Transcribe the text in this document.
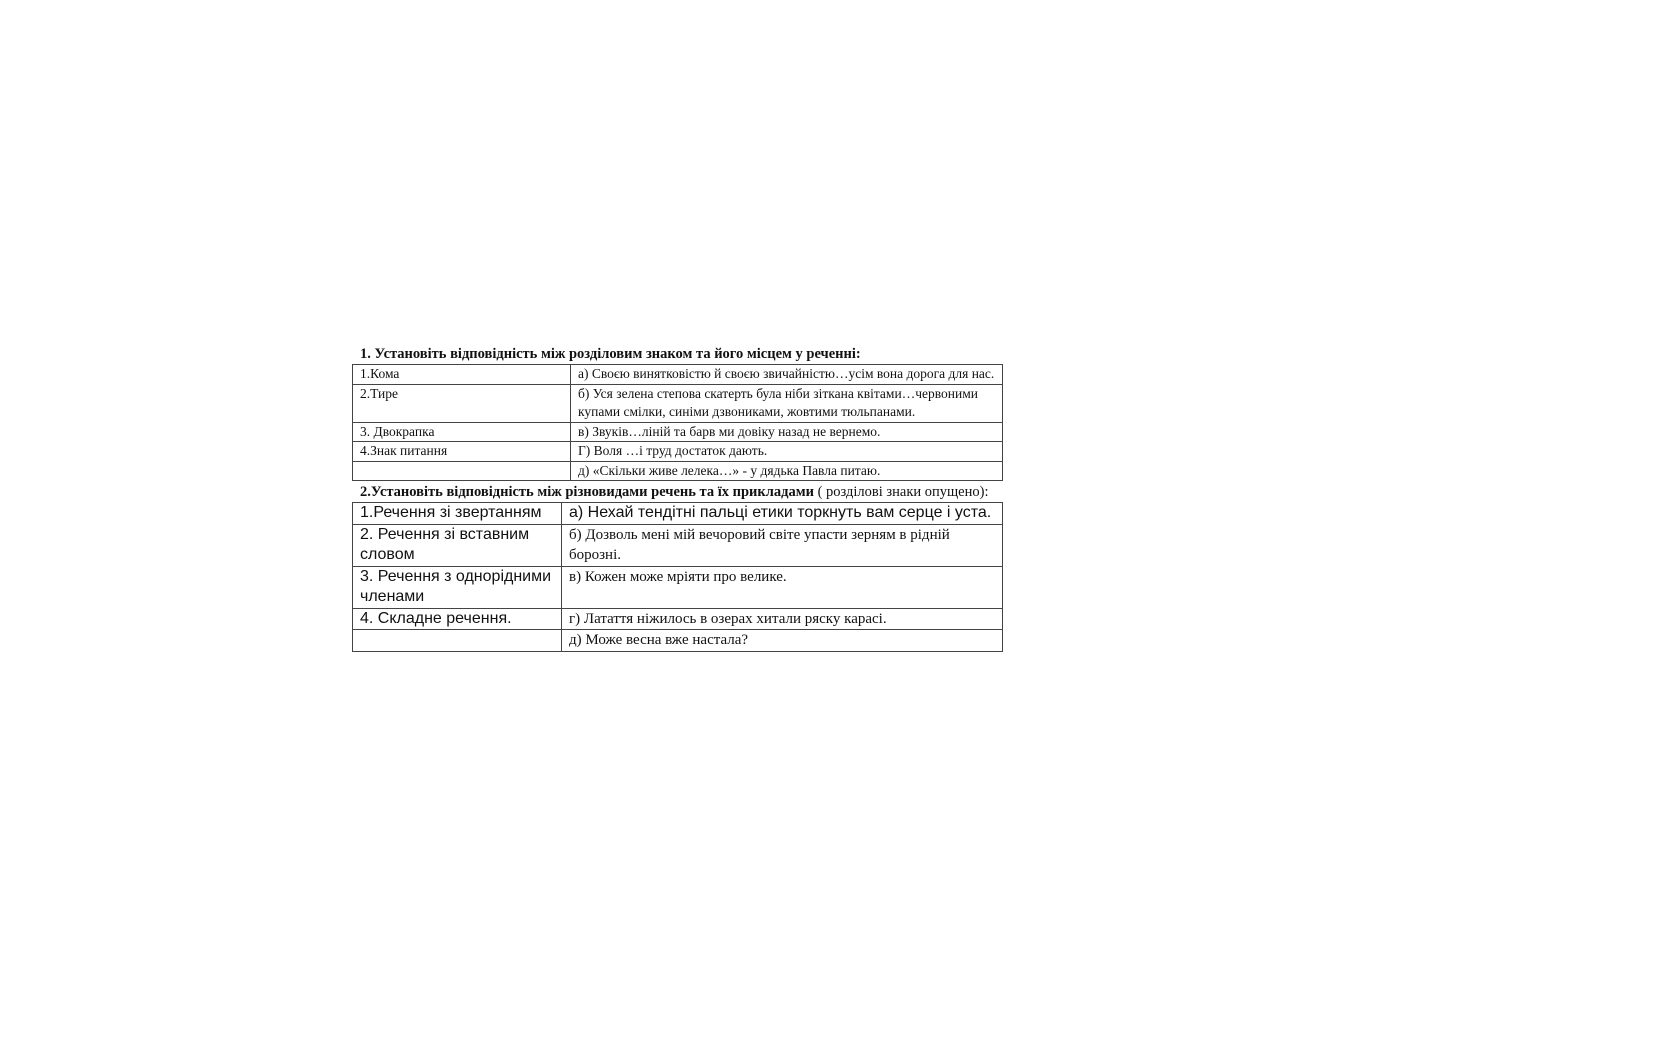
1. Установіть відповідність між розділовим знаком та його місцем у реченні:
1.Кома	а) Своєю винятковістю й своєю звичайністю…усім вона дорога для нас.
2.Тире	б) Уся зелена степова скатерть була ніби зіткана квітами…червоними купами смілки, синіми дзвониками, жовтими тюльпанами.
3. Двокрапка	в) Звуків…ліній та барв ми довіку назад не вернемо.
4.Знак питання	Г) Воля …і труд достаток дають.
	д) «Скільки живе лелека…» - у дядька Павла питаю.
2.Установіть відповідність між різновидами речень та їх прикладами ( розділові знаки опущено):
1.Речення зі звертанням	а) Нехай тендітні пальці етики торкнуть вам серце і уста.
2. Речення зі вставним словом	б) Дозволь мені мій вечоровий світе упасти зерням в рідній борозні.
3. Речення з однорідними членами	в) Кожен може мріяти про велике.
4. Складне речення.	г) Латаття ніжилось в озерах хитали ряску карасі.
	д) Може весна вже настала?
